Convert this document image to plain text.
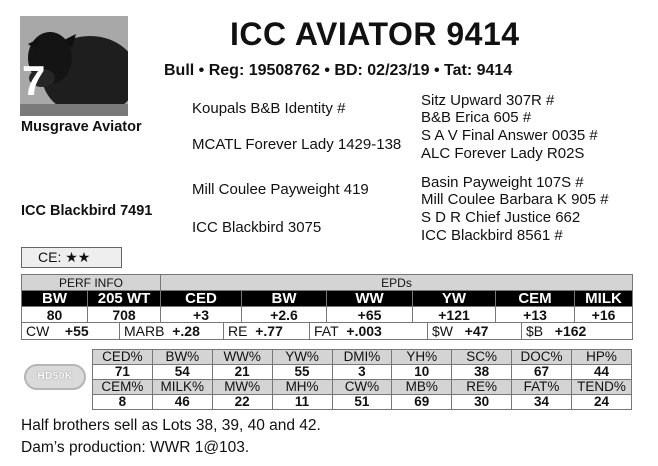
7
ICC AVIATOR 9414
Bull • Reg: 19508762 • BD: 02/23/19 • Tat: 9414
Musgrave Aviator
ICC Blackbird 7491
Koupals B&B Identity #
MCATL Forever Lady 1429-138
Mill Coulee Payweight 419
ICC Blackbird 3075
Sitz Upward 307R #
B&B Erica 605 #
S A V Final Answer 0035 #
ALC Forever Lady R02S
Basin Payweight 107S #
Mill Coulee Barbara K 905 #
S D R Chief Justice 662
ICC Blackbird 8561 #
CE: ★★
PERF INFO		EPDs					
BW	205 WT	CED	BW	WW	YW	CEM	MILK
80	708	+3	+2.6	+65	+121	+13	+16
CW +55	MARB +.28	RE +.77	FAT +.003	$W +47	$B +162
HD50K
CED%	BW%	WW%	YW%	DMI%	YH%	SC%	DOC%	HP%
71	54	21	55	3	10	38	67	44
CEM%	MILK%	MW%	MH%	CW%	MB%	RE%	FAT%	TEND%
8	46	22	11	51	69	30	34	24
Half brothers sell as Lots 38, 39, 40 and 42.
Dam’s production: WWR 1@103.
